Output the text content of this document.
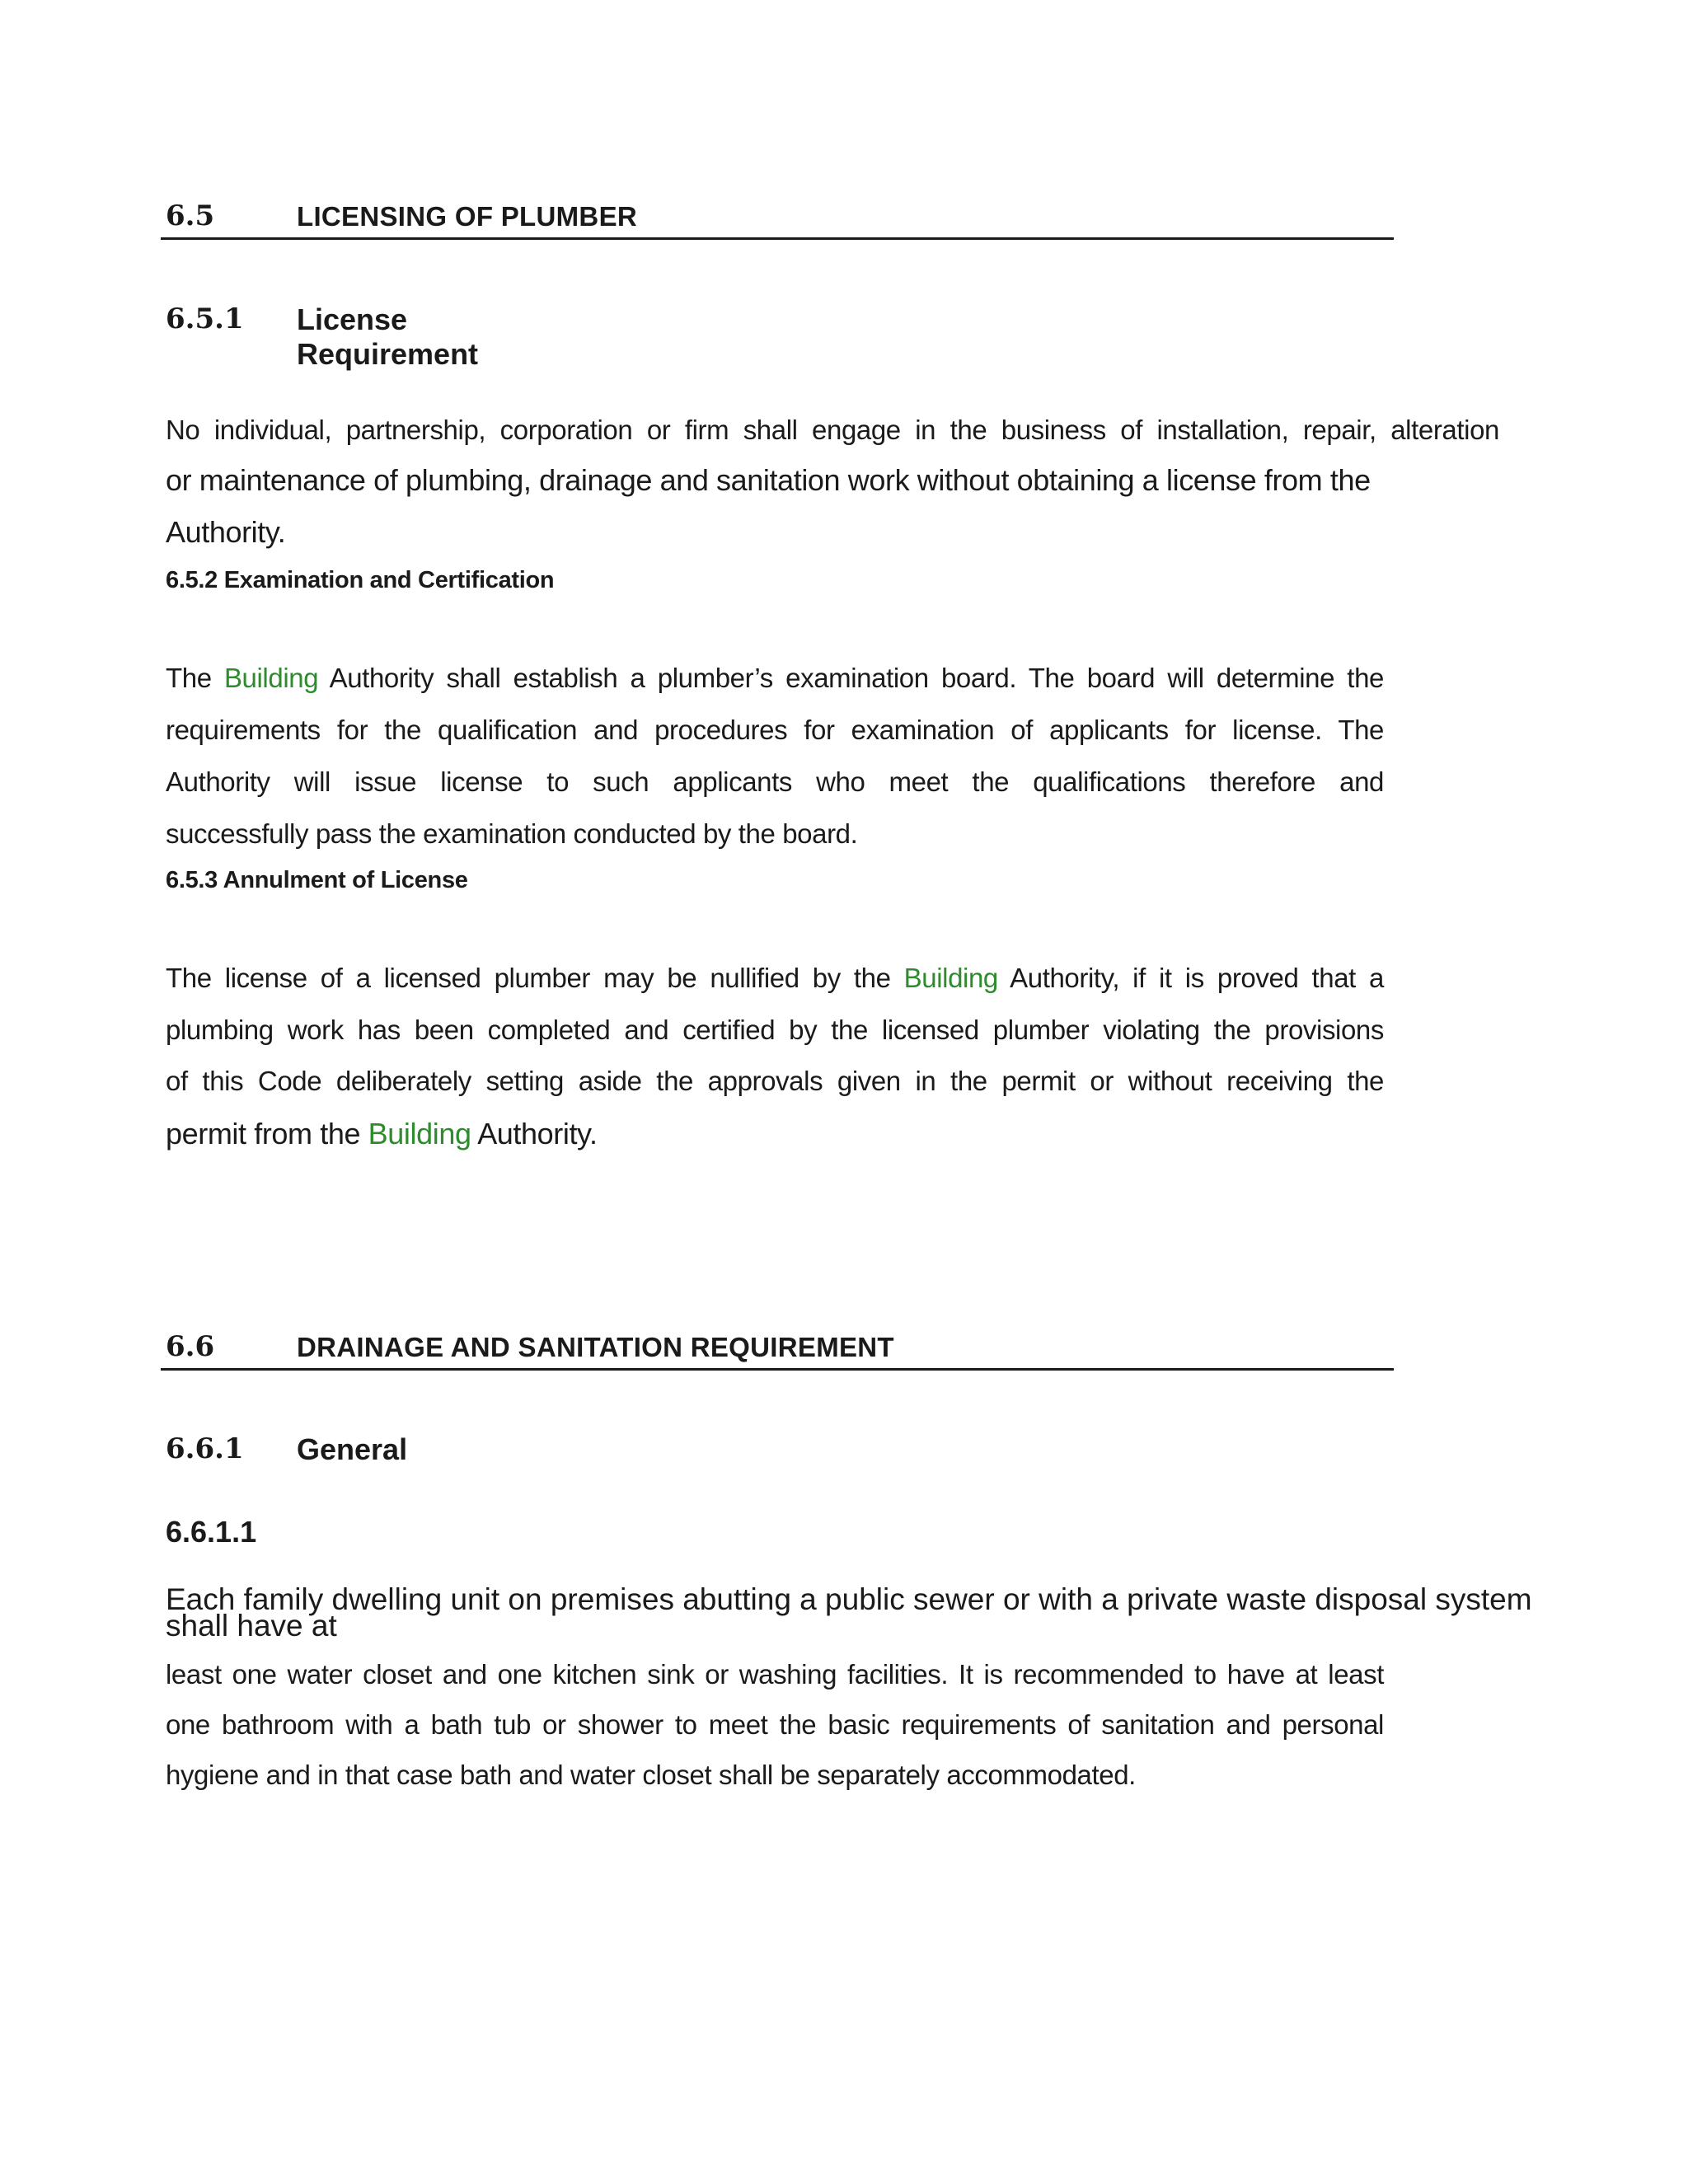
6.5	LICENSING OF PLUMBER
6.5.1 License Requirement
No individual, partnership, corporation or firm shall engage in the business of installation, repair, alteration
or maintenance of plumbing, drainage and sanitation work without obtaining a license from the
Authority.
6.5.2 Examination and Certification
The Building Authority shall establish a plumber’s examination board. The board will determine the
requirements for the qualification and procedures for examination of applicants for license. The
Authority will issue license to such applicants who meet the qualifications therefore and
successfully pass the examination conducted by the board.
6.5.3 Annulment of License
The license of a licensed plumber may be nullified by the Building Authority, if it is proved that a
plumbing work has been completed and certified by the licensed plumber violating the provisions
of this Code deliberately setting aside the approvals given in the permit or without receiving the
permit from the Building Authority.
6.6	DRAINAGE AND SANITATION REQUIREMENT
6.6.1 General
6.6.1.1
Each family dwelling unit on premises abutting a public sewer or with a private waste disposal system
shall have at
least one water closet and one kitchen sink or washing facilities. It is recommended to have at least
one bathroom with a bath tub or shower to meet the basic requirements of sanitation and personal
hygiene and in that case bath and water closet shall be separately accommodated.
